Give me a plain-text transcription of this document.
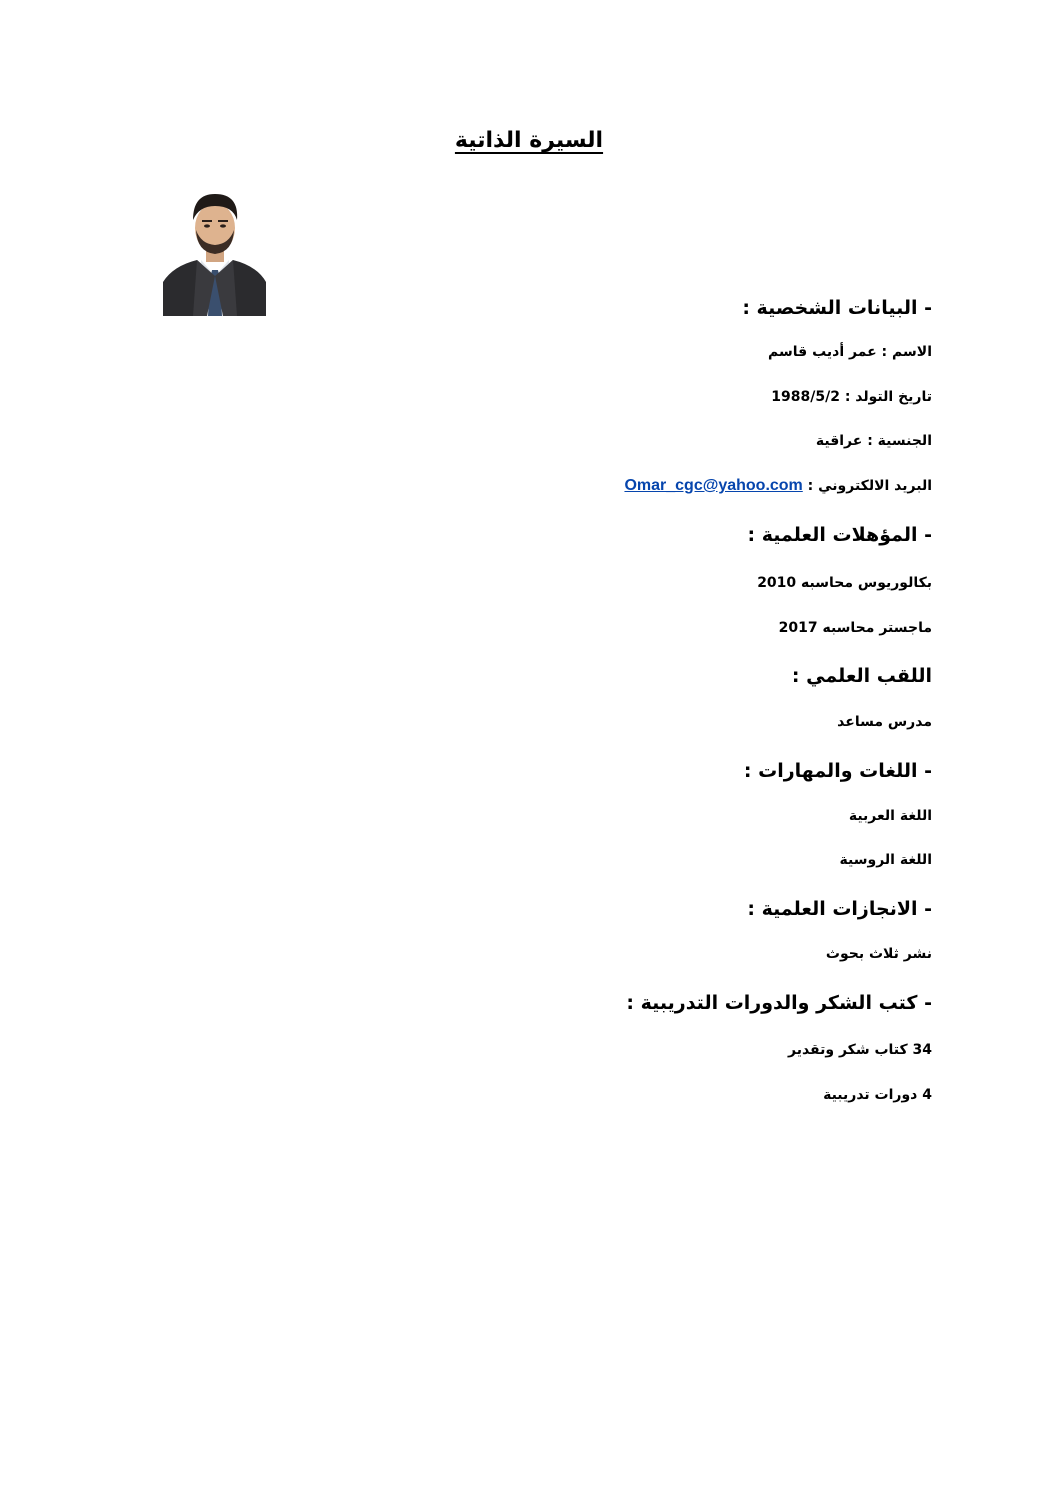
السيرة الذاتية
- البيانات الشخصية :
الاسم : عمر أديب قاسم
تاريخ التولد : 1988/5/2
الجنسية : عراقية
البريد الالكتروني : Omar_cgc@yahoo.com
- المؤهلات العلمية :
بكالوريوس محاسبه 2010
ماجستر محاسبه 2017
اللقب العلمي :
مدرس مساعد
- اللغات والمهارات :
اللغة العربية
اللغة الروسية
- الانجازات العلمية :
نشر ثلاث بحوث
- كتب الشكر والدورات التدريبية :
34 كتاب شكر وتقدير
4 دورات تدريبية
